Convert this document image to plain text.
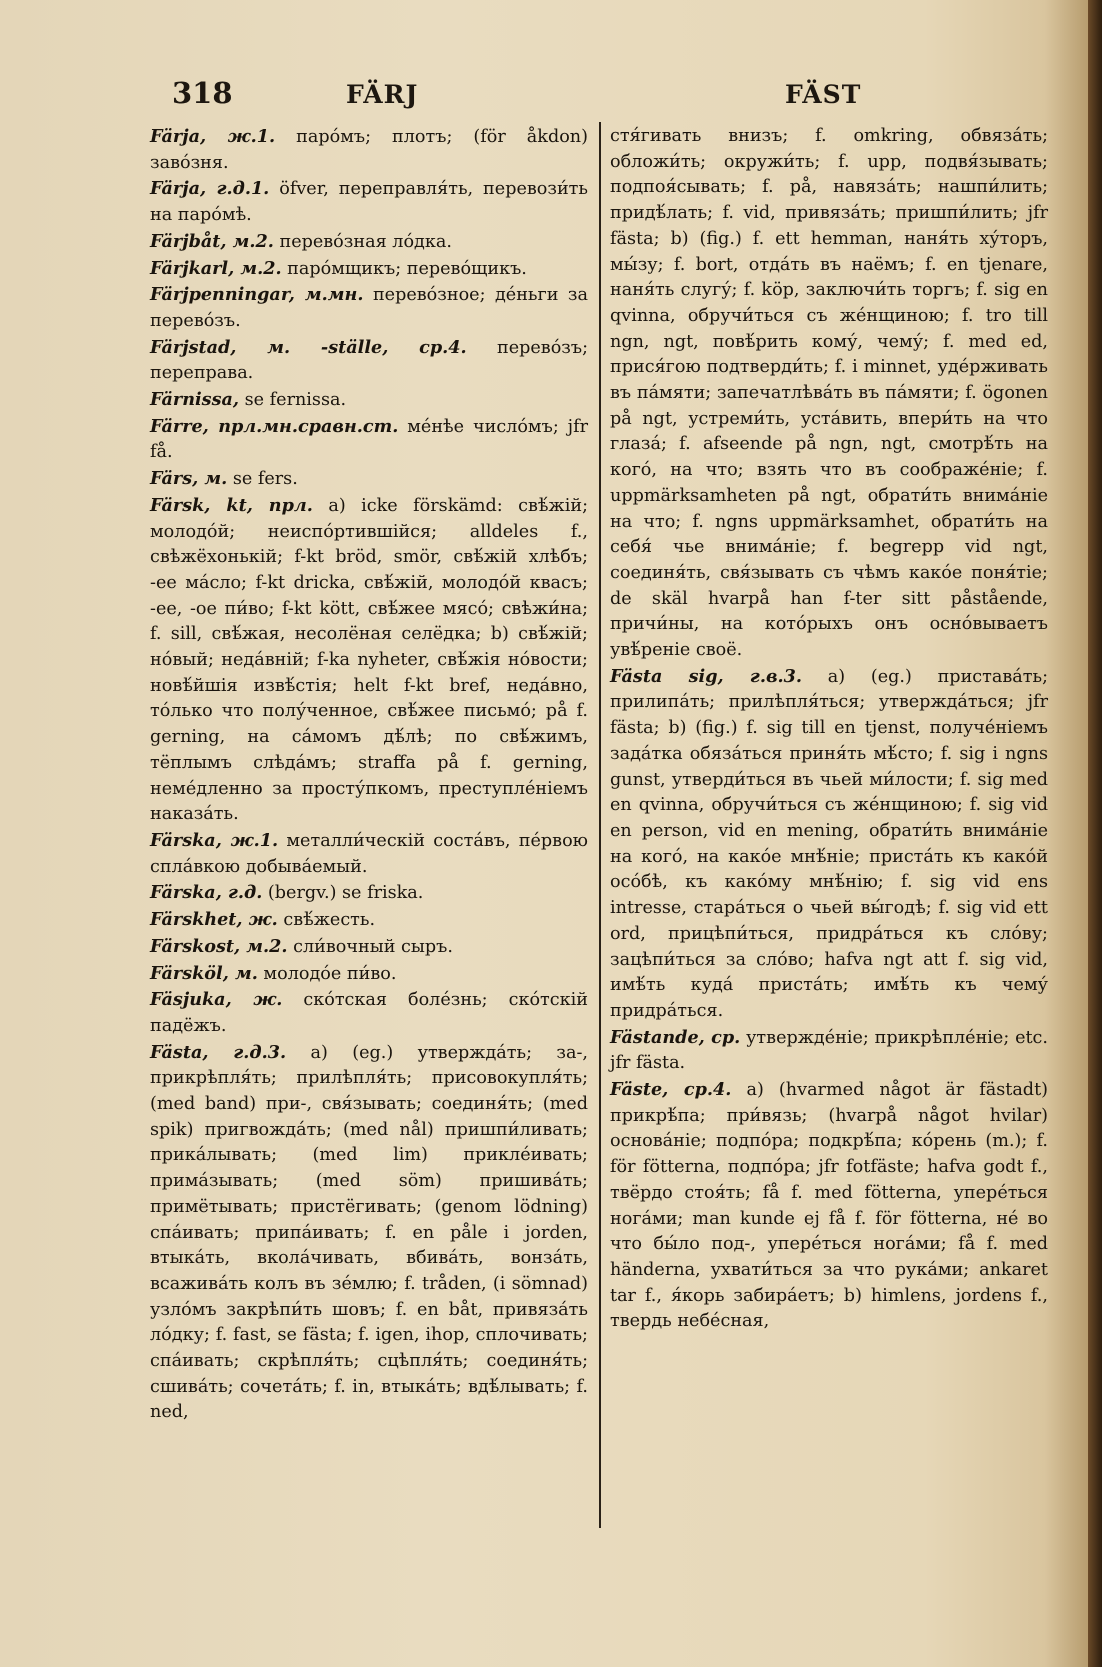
318	FÄRJ	FÄST

Färja, ж.1. паро́мъ; плотъ; (för åkdon) заво́зня.

Färja, г.д.1. öfver, переправля́ть, перевози́ть на паро́мѣ.

Färjbåt, м.2. перево́зная ло́дка.

Färjkarl, м.2. паро́мщикъ; перево́щикъ.

Färjpenningar, м.мн. перево́зное; де́ньги за перево́зъ.

Färjstad, м. -ställe, ср.4. перево́зъ; переправа.

Färnissa, se fernissa.

Färre, прл.мн.сравн.ст. ме́нѣе число́мъ; jfr få.

Färs, м. se fers.

Färsk, kt, прл. a) icke förskämd: свѣ́жій; молодо́й; неиспо́ртившійся; alldeles f., свѣжёхонькій; f-kt bröd, smör, свѣ́жій хлѣбъ; -ее ма́сло; f-kt dricka, свѣ́жій, молодо́й квасъ; -ее, -ое пи́во; f-kt kött, свѣ́жее мясо́; свѣжи́на; f. sill, свѣ́жая, несолёная селёдка; b) свѣ́жій; но́вый; неда́вній; f-ka nyheter, свѣ́жія но́вости; новѣ́йшія извѣ́стія; helt f-kt bref, неда́вно, то́лько что полу́ченное, свѣ́жее письмо́; på f. gerning, на са́момъ дѣ́лѣ; по свѣ́жимъ, тёплымъ слѣда́мъ; straffa på f. gerning, неме́дленно за просту́пкомъ, преступле́ніемъ наказа́ть.

Färska, ж.1. металли́ческій соста́въ, пе́рвою спла́вкою добыва́емый.

Färska, г.д. (bergv.) se friska.

Färskhet, ж. свѣ́жесть.

Färskost, м.2. сли́вочный сыръ.

Färsköl, м. молодо́е пи́во.

Fäsjuka, ж. ско́тская боле́знь; ско́тскій падёжъ.

Fästa, г.д.3. a) (eg.) утвержда́ть; за-, прикрѣпля́ть; прилѣпля́ть; присовокупля́ть; (med band) при-, свя́зывать; соединя́ть; (med spik) пригвожда́ть; (med nål) пришпи́ливать; прика́лывать; (med lim) приклéивать; прима́зывать; (med söm) пришива́ть; примётывать; пристёгивать; (genom lödning) спа́ивать; припа́ивать; f. en påle i jorden, втыка́ть, вкола́чивать, вбива́ть, вонза́ть, всажива́ть колъ въ зе́млю; f. tråden, (i sömnad) узло́мъ закрѣпи́ть шовъ; f. en båt, привяза́ть ло́дку; f. fast, se fästa; f. igen, ihop, сплочивать; спа́ивать; скрѣпля́ть; сцѣпля́ть; соединя́ть; сшива́ть; сочета́ть; f. in, втыка́ть; вдѣ́лывать; f. ned,

стя́гивать внизъ; f. omkring, обвяза́ть; обложи́ть; окружи́ть; f. upp, подвя́зывать; подпоя́сывать; f. på, навяза́ть; нашпи́лить; придѣ́лать; f. vid, привяза́ть; пришпи́лить; jfr fästa; b) (fig.) f. ett hemman, наня́ть ху́торъ, мы́зу; f. bort, отда́ть въ наёмъ; f. en tjenare, наня́ть слугу́; f. köp, заключи́ть торгъ; f. sig en qvinna, обручи́ться съ же́нщиною; f. tro till ngn, ngt, повѣ́рить кому́, чему́; f. med ed, прися́гою подтверди́ть; f. i minnet, удéрживать въ па́мяти; запечатлѣва́ть въ па́мяти; f. ögonen på ngt, устреми́ть, уста́вить, впери́ть на что глаза́; f. afseende på ngn, ngt, смотрѣ́ть на кого́, на что; взять что въ соображе́ніе; f. uppmärksamheten på ngt, обрати́ть внима́ніе на что; f. ngns uppmärksamhet, обрати́ть на себя́ чье внима́ніе; f. begrepp vid ngt, соединя́ть, свя́зывать съ чѣмъ како́е поня́тіе; de skäl hvarpå han f-ter sitt påstående, причи́ны, на кото́рыхъ онъ осно́вываетъ увѣ́реніе своё.

Fästa sig, г.в.3. a) (eg.) пристава́ть; прилипа́ть; прилѣпля́ться; утвержда́ться; jfr fästa; b) (fig.) f. sig till en tjenst, получе́ніемъ зада́тка обяза́ться приня́ть мѣ́сто; f. sig i ngns gunst, утверди́ться въ чьей ми́лости; f. sig med en qvinna, обручи́ться съ же́нщиною; f. sig vid en person, vid en mening, обрати́ть внима́ніе на кого́, на како́е мнѣ́ніе; приста́ть къ како́й осо́бѣ, къ како́му мнѣ́нію; f. sig vid ens intresse, стара́ться о чьей вы́годѣ; f. sig vid ett ord, прицѣпи́ться, придра́ться къ сло́ву; зацѣпи́ться за сло́во; hafva ngt att f. sig vid, имѣ́ть куда́ приста́ть; имѣ́ть къ чему́ придра́ться.

Fästande, ср. утвержде́ніе; прикрѣпле́ніе; etc. jfr fästa.

Fäste, ср.4. a) (hvarmed något är fästadt) прикрѣ́па; при́вязь; (hvarpå något hvilar) основа́ніе; подпо́ра; подкрѣ́па; ко́рень (m.); f. för fötterna, подпо́ра; jfr fotfäste; hafva godt f., твёрдо стоя́ть; få f. med fötterna, упере́ться нога́ми; man kunde ej få f. för fötterna, не́ во что бы́ло под-, упере́ться нога́ми; få f. med händerna, ухвати́ться за что рука́ми; ankaret tar f., я́корь забира́етъ; b) himlens, jordens f., твердь небе́сная,
